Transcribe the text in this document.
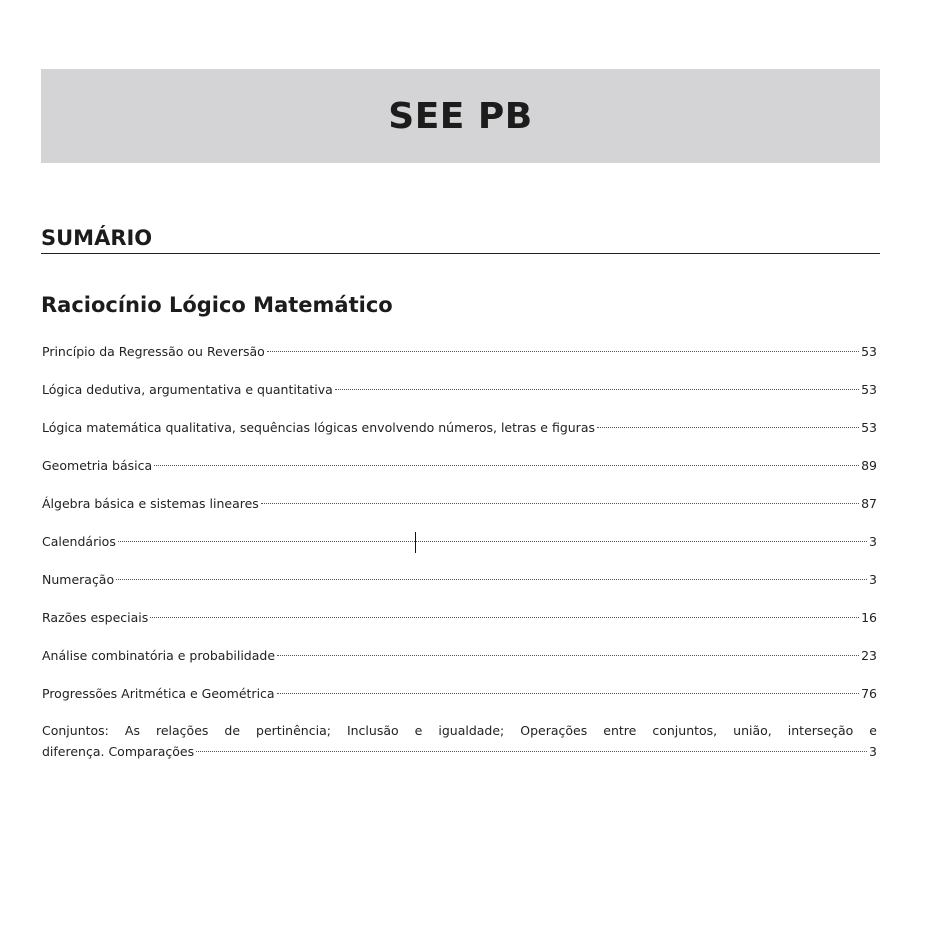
SEE PB
SUMÁRIO
Raciocínio Lógico Matemático
Princípio da Regressão ou Reversão	53
Lógica dedutiva, argumentativa e quantitativa	53
Lógica matemática qualitativa, sequências lógicas envolvendo números, letras e figuras	53
Geometria básica	89
Álgebra básica e sistemas lineares	87
Calendários	3
Numeração	3
Razões especiais	16
Análise combinatória e probabilidade	23
Progressões Aritmética e Geométrica	76
Conjuntos: As relações de pertinência; Inclusão e igualdade; Operações entre conjuntos, união, interseção e
diferença. Comparações	3
